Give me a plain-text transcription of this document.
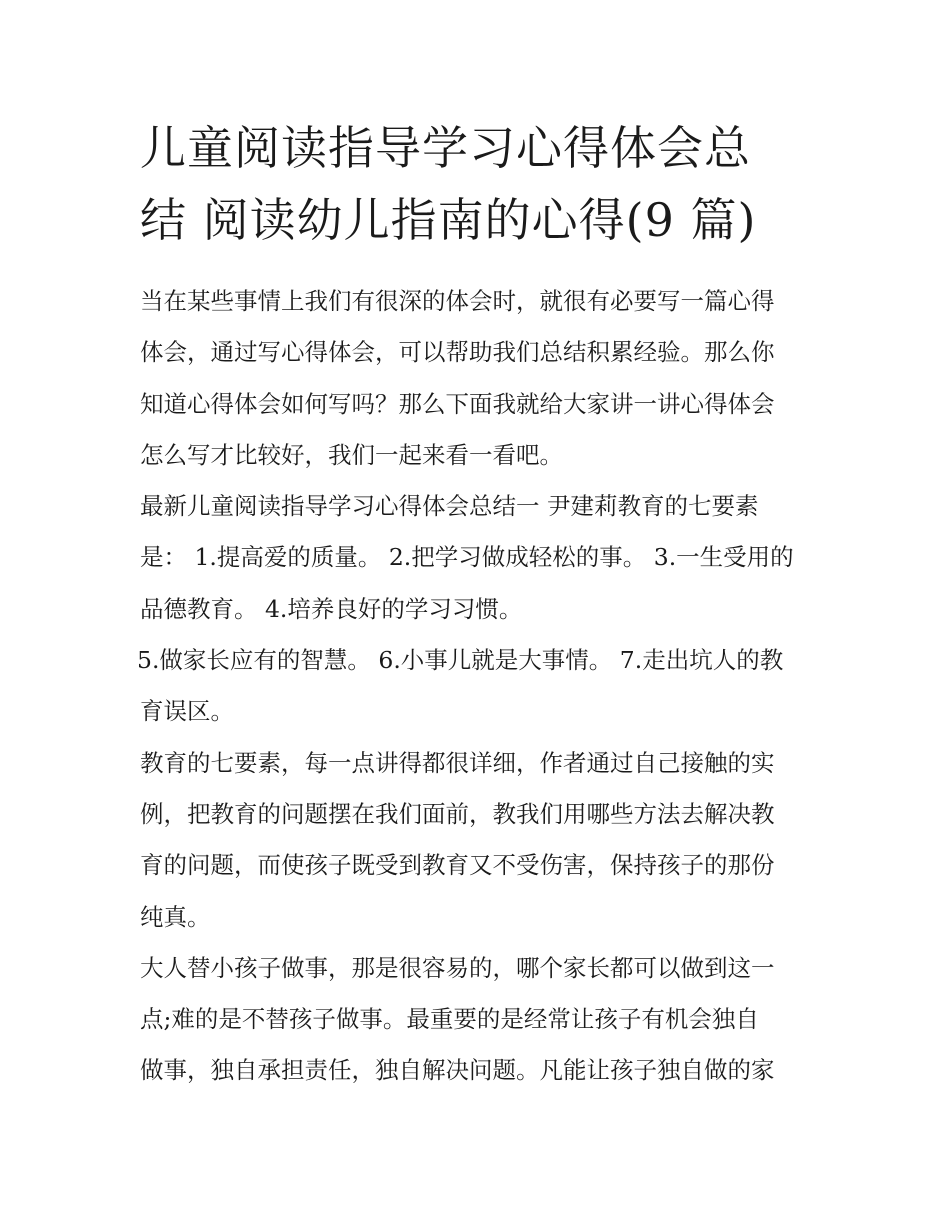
儿童阅读指导学习心得体会总
结 阅读幼儿指南的心得(9 篇)
当在某些事情上我们有很深的体会时，就很有必要写一篇心得
体会，通过写心得体会，可以帮助我们总结积累经验。那么你
知道心得体会如何写吗？那么下面我就给大家讲一讲心得体会
怎么写才比较好，我们一起来看一看吧。
最新儿童阅读指导学习心得体会总结一 尹建莉教育的七要素
是： 1.提高爱的质量。 2.把学习做成轻松的事。 3.一生受用的
品德教育。 4.培养良好的学习习惯。
5.做家长应有的智慧。 6.小事儿就是大事情。 7.走出坑人的教
育误区。
教育的七要素，每一点讲得都很详细，作者通过自己接触的实
例，把教育的问题摆在我们面前，教我们用哪些方法去解决教
育的问题，而使孩子既受到教育又不受伤害，保持孩子的那份
纯真。
大人替小孩子做事，那是很容易的，哪个家长都可以做到这一
点;难的是不替孩子做事。最重要的是经常让孩子有机会独自
做事，独自承担责任，独自解决问题。凡能让孩子独自做的家
